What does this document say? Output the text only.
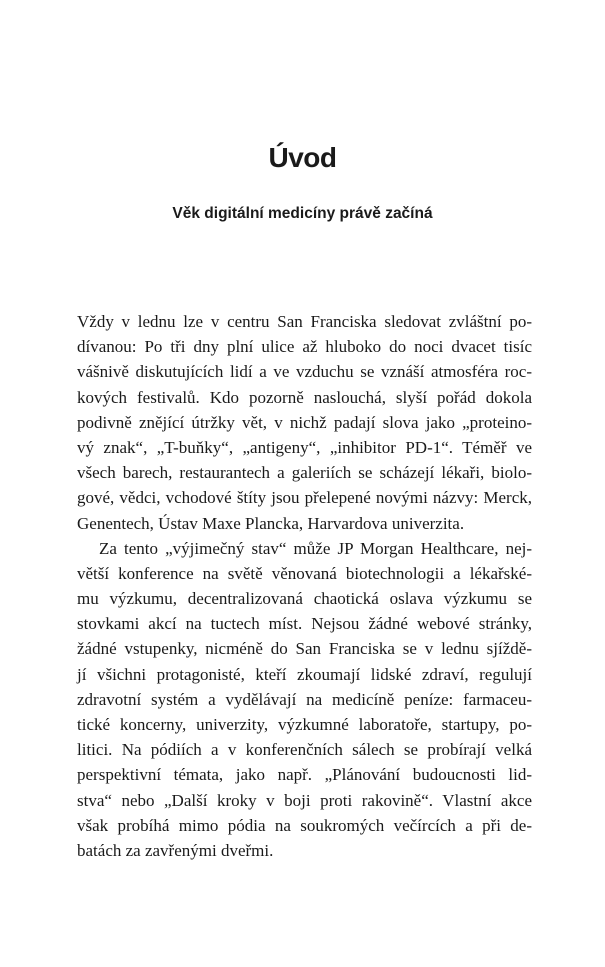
Úvod
Věk digitální medicíny právě začíná
Vždy v lednu lze v centru San Franciska sledovat zvláštní po-
dívanou: Po tři dny plní ulice až hluboko do noci dvacet tisíc
vášnivě diskutujících lidí a ve vzduchu se vznáší atmosféra roc-
kových festivalů. Kdo pozorně naslouchá, slyší pořád dokola
podivně znějící útržky vět, v nichž padají slova jako „proteino-
vý znak“, „T-buňky“, „antigeny“, „inhibitor PD-1“. Téměř ve
všech barech, restaurantech a galeriích se scházejí lékaři, biolo-
gové, vědci, vchodové štíty jsou přelepené novými názvy: Merck,
Genentech, Ústav Maxe Plancka, Harvardova univerzita.
Za tento „výjimečný stav“ může JP Morgan Healthcare, nej-
větší konference na světě věnovaná biotechnologii a lékařské-
mu výzkumu, decentralizovaná chaotická oslava výzkumu se
stovkami akcí na tuctech míst. Nejsou žádné webové stránky,
žádné vstupenky, nicméně do San Franciska se v lednu sjíždě-
jí všichni protagonisté, kteří zkoumají lidské zdraví, regulují
zdravotní systém a vydělávají na medicíně peníze: farmaceu-
tické koncerny, univerzity, výzkumné laboratoře, startupy, po-
litici. Na pódiích a v konferenčních sálech se probírají velká
perspektivní témata, jako např. „Plánování budoucnosti lid-
stva“ nebo „Další kroky v boji proti rakovině“. Vlastní akce
však probíhá mimo pódia na soukromých večírcích a při de-
batách za zavřenými dveřmi.
